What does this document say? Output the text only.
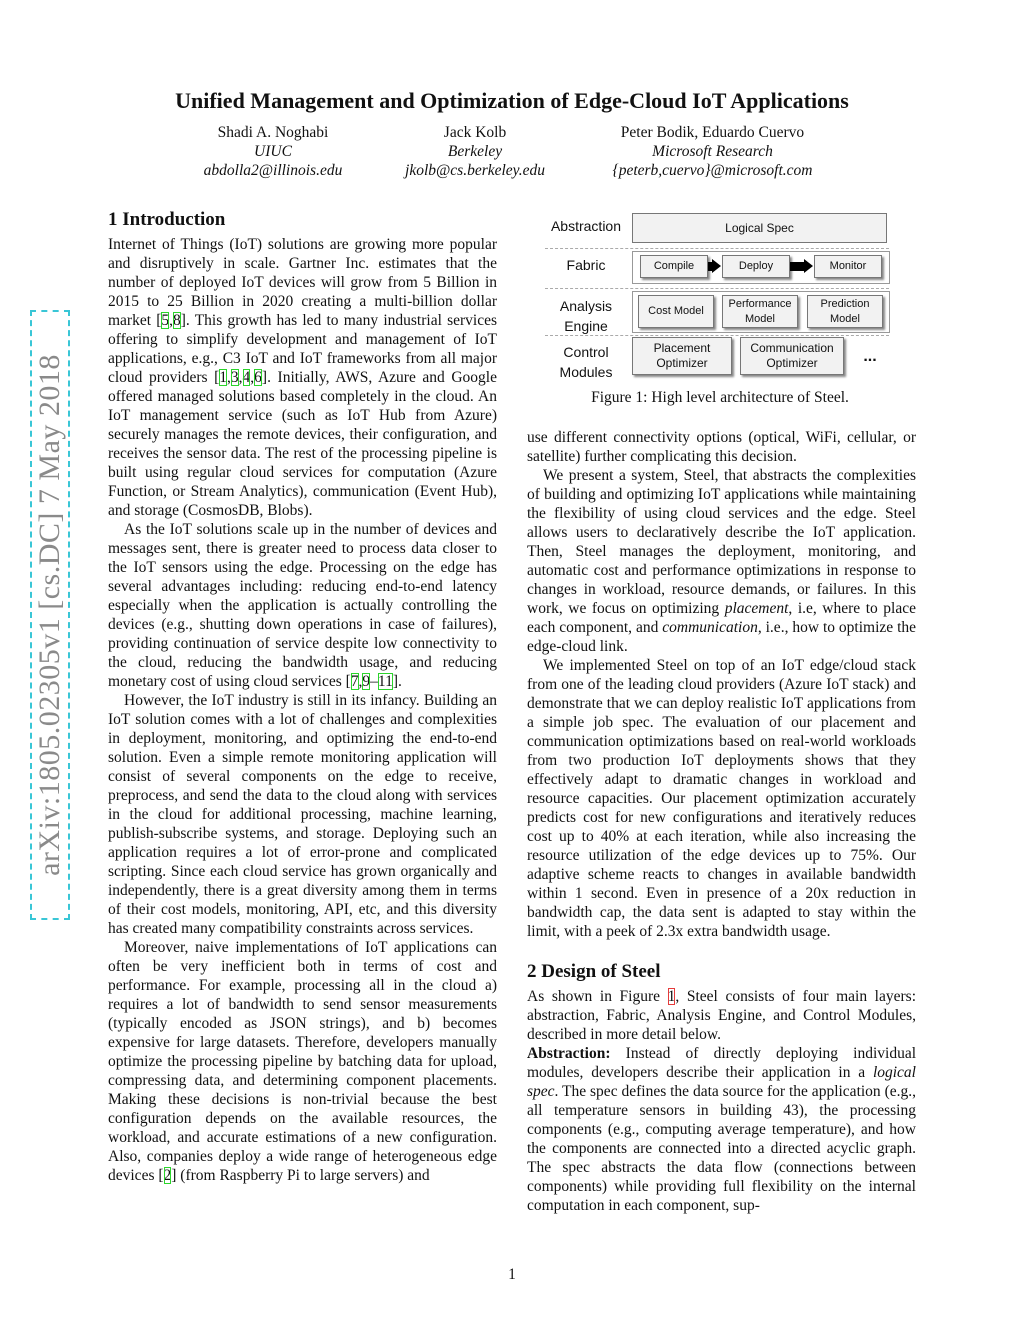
arXiv:1805.02305v1 [cs.DC] 7 May 2018
Unified Management and Optimization of Edge-Cloud IoT Applications
Shadi A. Noghabi
UIUC
abdolla2@illinois.edu
Jack Kolb
Berkeley
jkolb@cs.berkeley.edu
Peter Bodik, Eduardo Cuervo
Microsoft Research
{peterb,cuervo}@microsoft.com
1 Introduction

Internet of Things (IoT) solutions are growing more popular and disruptively in scale. Gartner Inc. estimates that the number of deployed IoT devices will grow from 5 Billion in 2015 to 25 Billion in 2020 creating a multi-billion dollar market [5,8]. This growth has led to many industrial services offering to simplify development and management of IoT applications, e.g., C3 IoT and IoT frameworks from all major cloud providers [1,3,4,6]. Initially, AWS, Azure and Google offered managed solutions based completely in the cloud. An IoT management service (such as IoT Hub from Azure) securely manages the remote devices, their configuration, and receives the sensor data. The rest of the processing pipeline is built using regular cloud services for computation (Azure Function, or Stream Analytics), communication (Event Hub), and storage (CosmosDB, Blobs).

As the IoT solutions scale up in the number of devices and messages sent, there is greater need to process data closer to the IoT sensors using the edge. Processing on the edge has several advantages including: reducing end-to-end latency especially when the application is actually controlling the devices (e.g., shutting down operations in case of failures), providing continuation of service despite low connectivity to the cloud, reducing the bandwidth usage, and reducing monetary cost of using cloud services [7,9–11].

However, the IoT industry is still in its infancy. Building an IoT solution comes with a lot of challenges and complexities in deployment, monitoring, and optimizing the end-to-end solution. Even a simple remote monitoring application will consist of several components on the edge to receive, preprocess, and send the data to the cloud along with services in the cloud for additional processing, machine learning, publish-subscribe systems, and storage. Deploying such an application requires a lot of error-prone and complicated scripting. Since each cloud service has grown organically and independently, there is a great diversity among them in terms of their cost models, monitoring, API, etc, and this diversity has created many compatibility constraints across services.

Moreover, naive implementations of IoT applications can often be very inefficient both in terms of cost and performance. For example, processing all in the cloud a) requires a lot of bandwidth to send sensor measurements (typically encoded as JSON strings), and b) becomes expensive for large datasets. Therefore, developers manually optimize the processing pipeline by batching data for upload, compressing data, and determining component placements. Making these decisions is non-trivial because the best configuration depends on the available resources, the workload, and accurate estimations of a new configuration. Also, companies deploy a wide range of heterogeneous edge devices [2] (from Raspberry Pi to large servers) and

Abstraction
Fabric
Analysis Engine
Control Modules
Logical Spec
Compile	Deploy	Monitor
Cost Model
Performance Model
Prediction Model
Placement Optimizer
Communication Optimizer	...
Figure 1: High level architecture of Steel.

use different connectivity options (optical, WiFi, cellular, or satellite) further complicating this decision.

We present a system, Steel, that abstracts the complexities of building and optimizing IoT applications while maintaining the flexibility of using cloud services and the edge. Steel allows users to declaratively describe the IoT application. Then, Steel manages the deployment, monitoring, and automatic cost and performance optimizations in response to changes in workload, resource demands, or failures. In this work, we focus on optimizing placement, i.e, where to place each component, and communication, i.e., how to optimize the edge-cloud link.

We implemented Steel on top of an IoT edge/cloud stack from one of the leading cloud providers (Azure IoT stack) and demonstrate that we can deploy realistic IoT applications from a simple job spec. The evaluation of our placement and communication optimizations based on real-world workloads from two production IoT deployments shows that they effectively adapt to dramatic changes in workload and resource capacities. Our placement optimization accurately predicts cost for new configurations and iteratively reduces cost up to 40% at each iteration, while also increasing the resource utilization of the edge devices up to 75%. Our adaptive scheme reacts to changes in available bandwidth within 1 second. Even in presence of a 20x reduction in bandwidth cap, the data sent is adapted to stay within the limit, with a peek of 2.3x extra bandwidth usage.

2 Design of Steel

As shown in Figure 1, Steel consists of four main layers: abstraction, Fabric, Analysis Engine, and Control Modules, described in more detail below.

Abstraction: Instead of directly deploying individual modules, developers describe their application in a logical spec. The spec defines the data source for the application (e.g., all temperature sensors in building 43), the processing components (e.g., computing average temperature), and how the components are connected into a directed acyclic graph. The spec abstracts the data flow (connections between components) while providing full flexibility on the internal computation in each component, sup-

1
